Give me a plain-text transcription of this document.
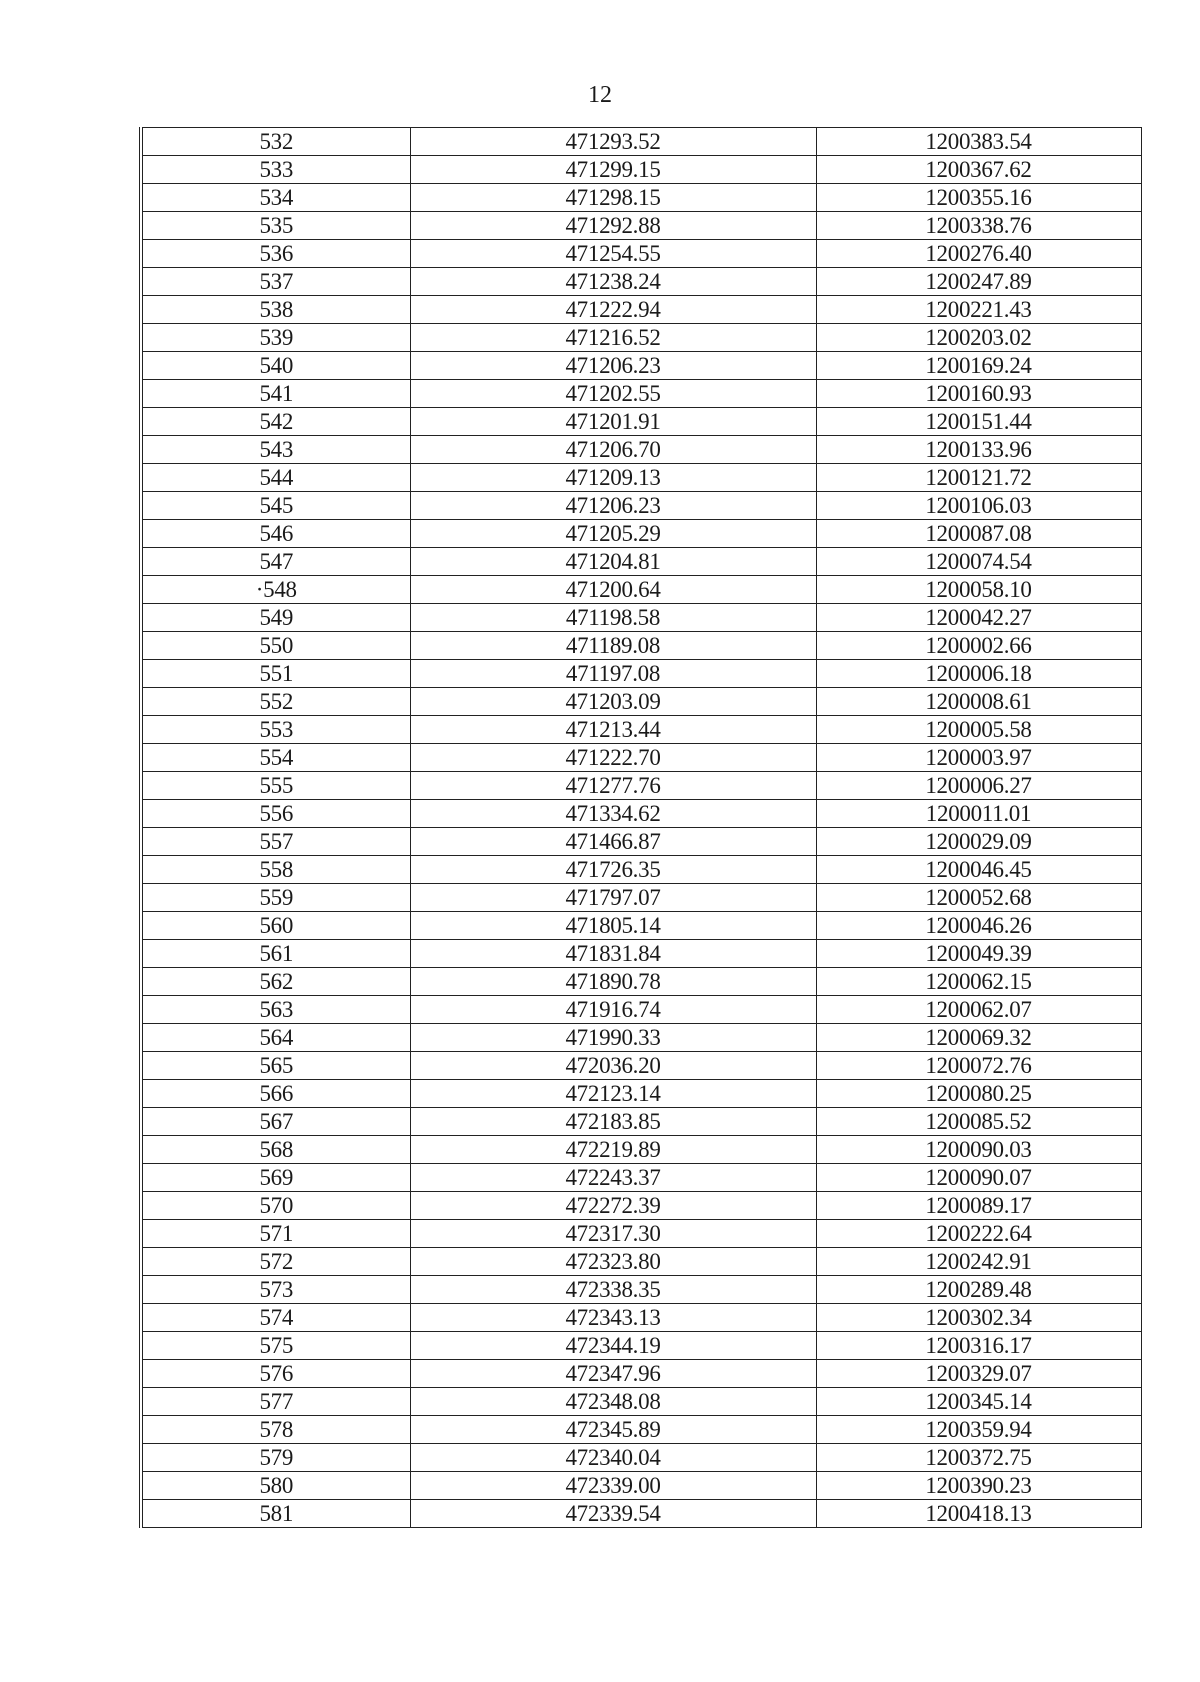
12
532	471293.52	1200383.54
533	471299.15	1200367.62
534	471298.15	1200355.16
535	471292.88	1200338.76
536	471254.55	1200276.40
537	471238.24	1200247.89
538	471222.94	1200221.43
539	471216.52	1200203.02
540	471206.23	1200169.24
541	471202.55	1200160.93
542	471201.91	1200151.44
543	471206.70	1200133.96
544	471209.13	1200121.72
545	471206.23	1200106.03
546	471205.29	1200087.08
547	471204.81	1200074.54
·548	471200.64	1200058.10
549	471198.58	1200042.27
550	471189.08	1200002.66
551	471197.08	1200006.18
552	471203.09	1200008.61
553	471213.44	1200005.58
554	471222.70	1200003.97
555	471277.76	1200006.27
556	471334.62	1200011.01
557	471466.87	1200029.09
558	471726.35	1200046.45
559	471797.07	1200052.68
560	471805.14	1200046.26
561	471831.84	1200049.39
562	471890.78	1200062.15
563	471916.74	1200062.07
564	471990.33	1200069.32
565	472036.20	1200072.76
566	472123.14	1200080.25
567	472183.85	1200085.52
568	472219.89	1200090.03
569	472243.37	1200090.07
570	472272.39	1200089.17
571	472317.30	1200222.64
572	472323.80	1200242.91
573	472338.35	1200289.48
574	472343.13	1200302.34
575	472344.19	1200316.17
576	472347.96	1200329.07
577	472348.08	1200345.14
578	472345.89	1200359.94
579	472340.04	1200372.75
580	472339.00	1200390.23
581	472339.54	1200418.13
